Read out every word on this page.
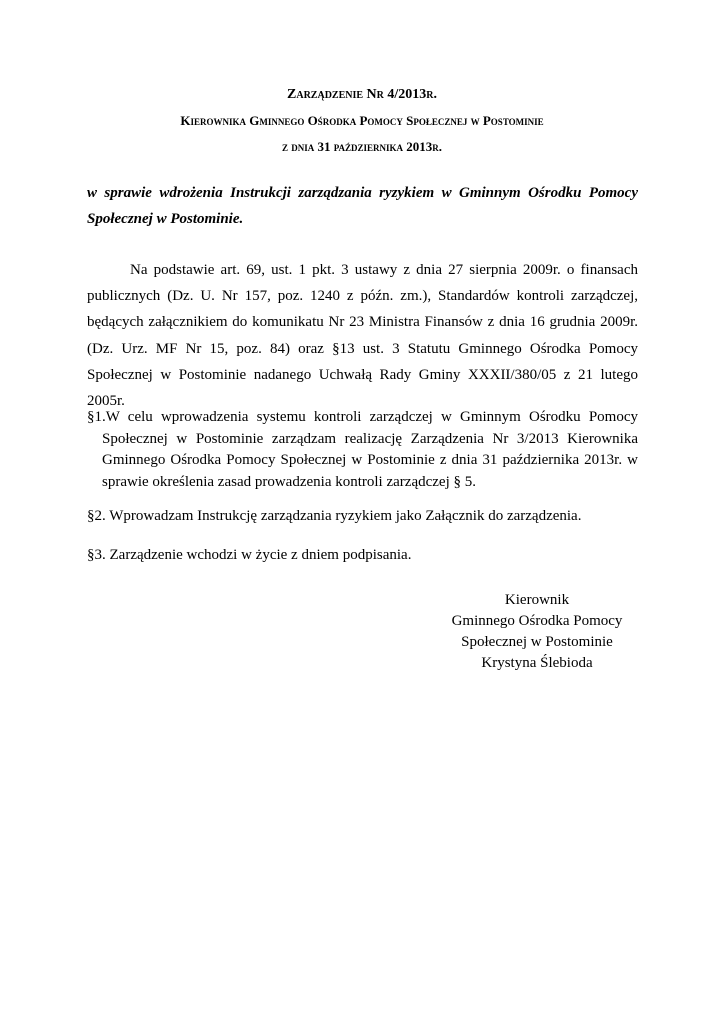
Zarządzenie Nr 4/2013r.
Kierownika Gminnego Ośrodka Pomocy Społecznej w Postominie
z dnia 31 października 2013r.
w sprawie wdrożenia Instrukcji zarządzania ryzykiem w Gminnym Ośrodku Pomocy Społecznej w Postominie.
Na podstawie art. 69, ust. 1 pkt. 3 ustawy z dnia 27 sierpnia 2009r. o finansach publicznych (Dz. U. Nr 157, poz. 1240 z późn. zm.), Standardów kontroli zarządczej, będących załącznikiem do komunikatu Nr 23 Ministra Finansów z dnia 16 grudnia 2009r. (Dz. Urz. MF Nr 15, poz. 84) oraz §13 ust. 3 Statutu Gminnego Ośrodka Pomocy Społecznej w Postominie nadanego Uchwałą Rady Gminy XXXII/380/05 z 21 lutego 2005r.
§1.W celu wprowadzenia systemu kontroli zarządczej w Gminnym Ośrodku Pomocy Społecznej w Postominie zarządzam realizację Zarządzenia Nr 3/2013 Kierownika Gminnego Ośrodka Pomocy Społecznej w Postominie z dnia 31 października 2013r. w sprawie określenia zasad prowadzenia kontroli zarządczej § 5.
§2. Wprowadzam Instrukcję zarządzania ryzykiem jako Załącznik do zarządzenia.
§3. Zarządzenie wchodzi w życie z dniem podpisania.
Kierownik
Gminnego Ośrodka Pomocy
Społecznej w Postominie
Krystyna Ślebioda
